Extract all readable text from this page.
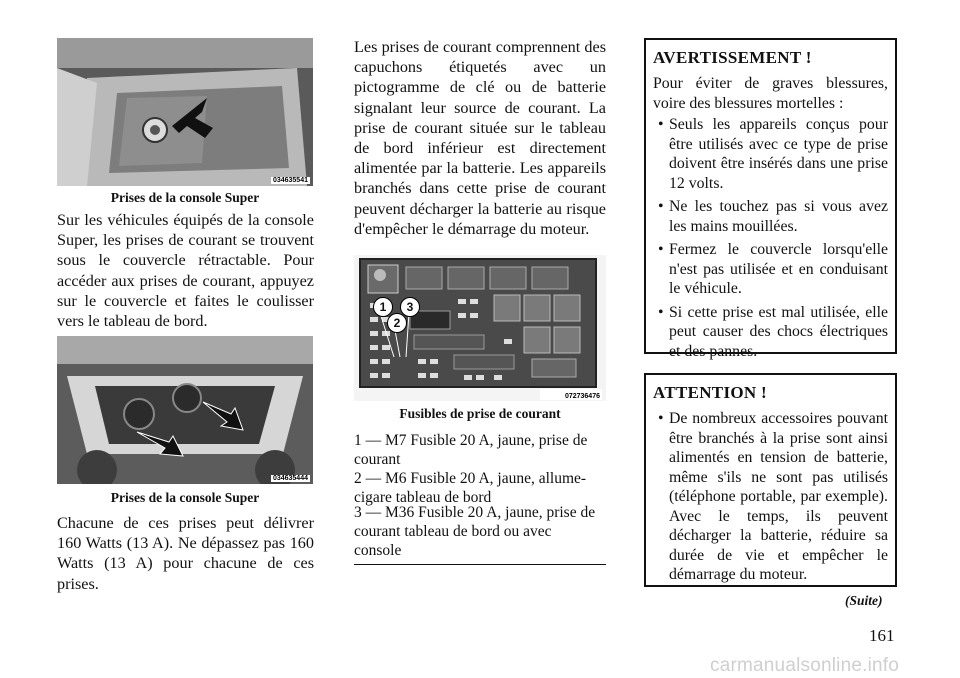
034635541
Prises de la console Super
Sur les véhicules équipés de la console Super, les prises de courant se trouvent sous le couvercle rétractable. Pour accéder aux prises de courant, appuyez sur le couvercle et faites le coulisser vers le tableau de bord.
034635444
Prises de la console Super
Chacune de ces prises peut délivrer 160 Watts (13 A). Ne dépassez pas 160 Watts (13 A) pour chacune de ces prises.
Les prises de courant comprennent des capuchons étiquetés avec un pictogramme de clé ou de batterie signalant leur source de courant. La prise de courant située sur le tableau de bord inférieur est directement alimentée par la batterie. Les appareils branchés dans cette prise de courant peuvent décharger la batterie au risque d'empêcher le démarrage du moteur.
1
2
3
072736476
Fusibles de prise de courant
1 — M7 Fusible 20 A, jaune, prise de courant
2 — M6 Fusible 20 A, jaune, allume-cigare tableau de bord
3 — M36 Fusible 20 A, jaune, prise de courant tableau de bord ou avec console
AVERTISSEMENT !
Pour éviter de graves blessures, voire des blessures mortelles :
• Seuls les appareils conçus pour être utilisés avec ce type de prise doivent être insérés dans une prise 12 volts.
• Ne les touchez pas si vous avez les mains mouillées.
• Fermez le couvercle lorsqu'elle n'est pas utilisée et en conduisant le véhicule.
• Si cette prise est mal utilisée, elle peut causer des chocs électriques et des pannes.
ATTENTION !
• De nombreux accessoires pouvant être branchés à la prise sont ainsi alimentés en tension de batterie, même s'ils ne sont pas utilisés (téléphone portable, par exemple). Avec le temps, ils peuvent décharger la batterie, réduire sa durée de vie et empêcher le démarrage du moteur.
(Suite)
161
carmanualsonline.info
